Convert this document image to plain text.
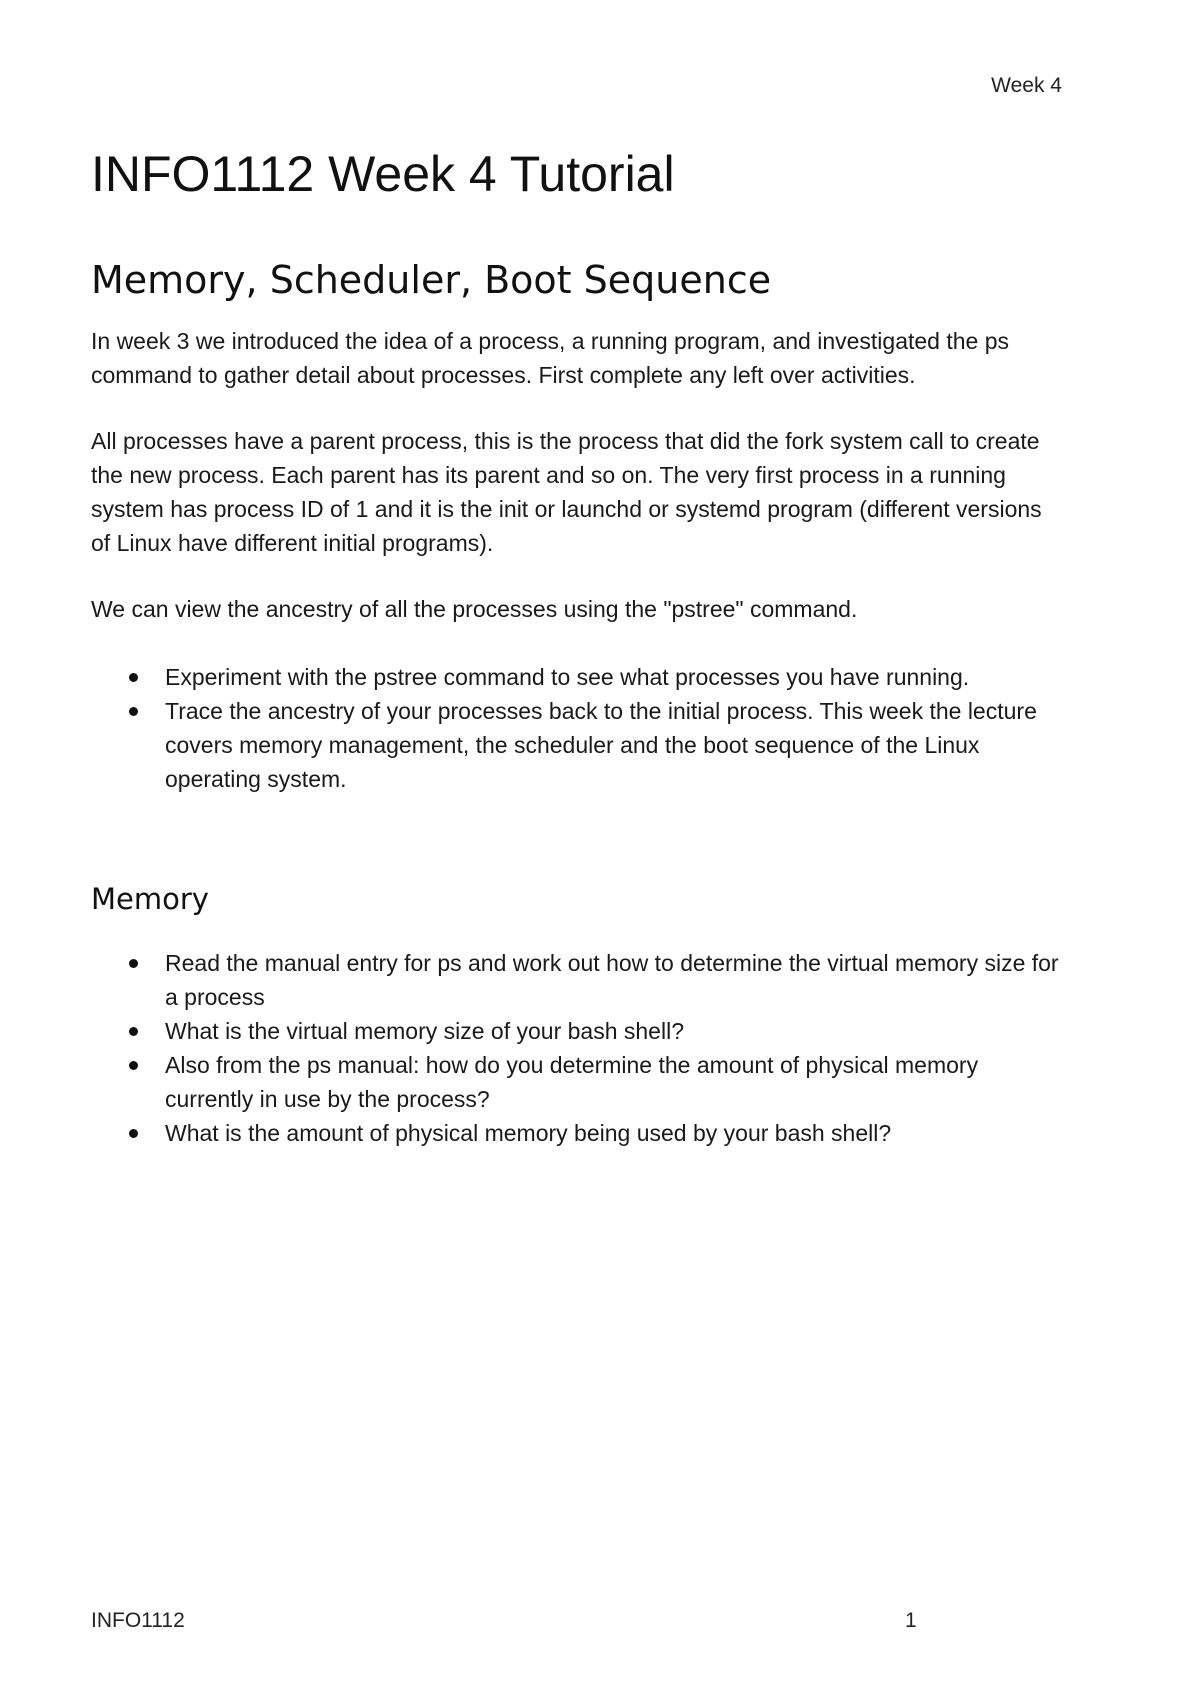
Week 4
INFO1112 Week 4 Tutorial
Memory, Scheduler, Boot Sequence

In week 3 we introduced the idea of a process, a running program, and investigated the ps command to gather detail about processes. First complete any left over activities.

All processes have a parent process, this is the process that did the fork system call to create the new process. Each parent has its parent and so on. The very first process in a running system has process ID of 1 and it is the init or launchd or systemd program (different versions of Linux have different initial programs).

We can view the ancestry of all the processes using the "pstree" command.

Experiment with the pstree command to see what processes you have running.
Trace the ancestry of your processes back to the initial process. This week the lecture covers memory management, the scheduler and the boot sequence of the Linux operating system.
Memory
Read the manual entry for ps and work out how to determine the virtual memory size for a process
What is the virtual memory size of your bash shell?
Also from the ps manual: how do you determine the amount of physical memory currently in use by the process?
What is the amount of physical memory being used by your bash shell?
INFO1112	1
